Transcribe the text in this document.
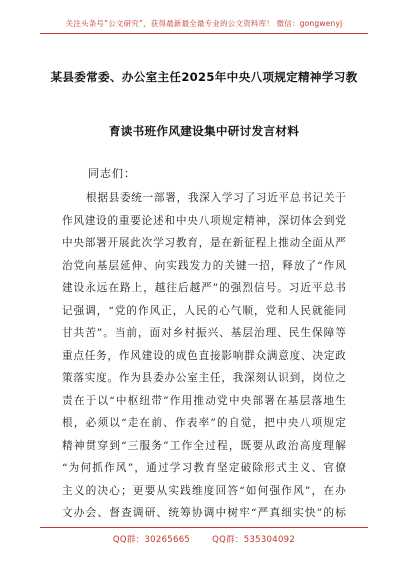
关注头条号“公文研究”，获得最新最全最专业的公文资料库！ 微信：gongwenyj
某县委常委、办公室主任2025年中央八项规定精神学习教
育读书班作风建设集中研讨发言材料
同志们：
根据县委统一部署，我深入学习了习近平总书记关于
作风建设的重要论述和中央八项规定精神，深切体会到党
中央部署开展此次学习教育，是在新征程上推动全面从严
治党向基层延伸、向实践发力的关键一招，释放了“作风
建设永远在路上，越往后越严”的强烈信号。习近平总书
记强调，“党的作风正，人民的心气顺，党和人民就能同
甘共苦”。当前，面对乡村振兴、基层治理、民生保障等
重点任务，作风建设的成色直接影响群众满意度、决定政
策落实度。作为县委办公室主任，我深刻认识到，岗位之
责在于以“中枢纽带”作用推动党中央部署在基层落地生
根，必须以“走在前、作表率”的自觉，把中央八项规定
精神贯穿到“三服务”工作全过程，既要从政治高度理解
“为何抓作风”，通过学习教育坚定破除形式主义、官僚
主义的决心；更要从实践维度回答“如何强作风”，在办
文办会、督查调研、统筹协调中树牢“严真细实快”的标
QQ群：30265665	QQ群：535304092
